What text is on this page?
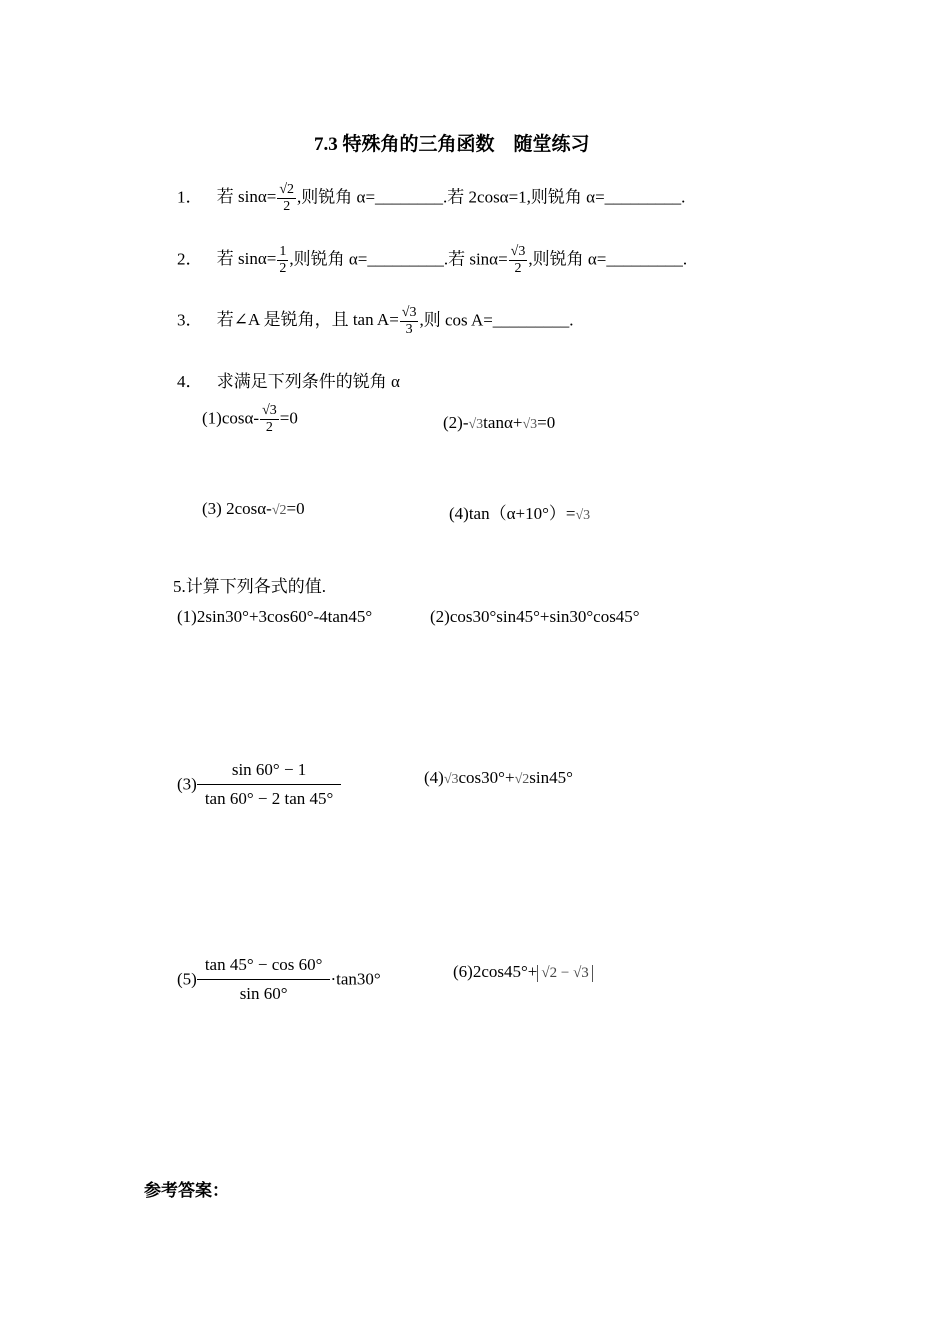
7.3 特殊角的三角函数　随堂练习
1． 若 $\sin\alpha= \frac{√2}{2}$ ,则锐角 α=________.若 2cosα=1,则锐角 α=_________.
2． 若 $\sin\alpha= \frac{1}{2}$ ,则锐角 α=_________.若 $\sin\alpha= \frac{√3}{2}$ ,则锐角 α=_________.
3． 若∠A 是锐角，且 $\tan A= \frac{√3}{3}$ ,则 cos A=_________.
4． 求满足下列条件的锐角 α
$(1)\cos\alpha- \frac{√3}{2} =0$	(2)-√3tanα+√3=0
(3) 2cosα-√2=0	(4)tan（α+10°）=√3
5.计算下列各式的值.
(1)2sin30°+3cos60°-4tan45°	(2)cos30°sin45°+sin30°cos45°
$(3) \frac{\sin 60^\circ - 1}{\tan 60^\circ - 2 \tan 45^\circ}$	(4)√3cos30°+√2sin45°
$(5) \frac{\tan 45^\circ - \cos 60^\circ}{\sin 60^\circ} \cdot\tan 30^\circ$	(6)2cos45°+ √2 − √3
参考答案：
